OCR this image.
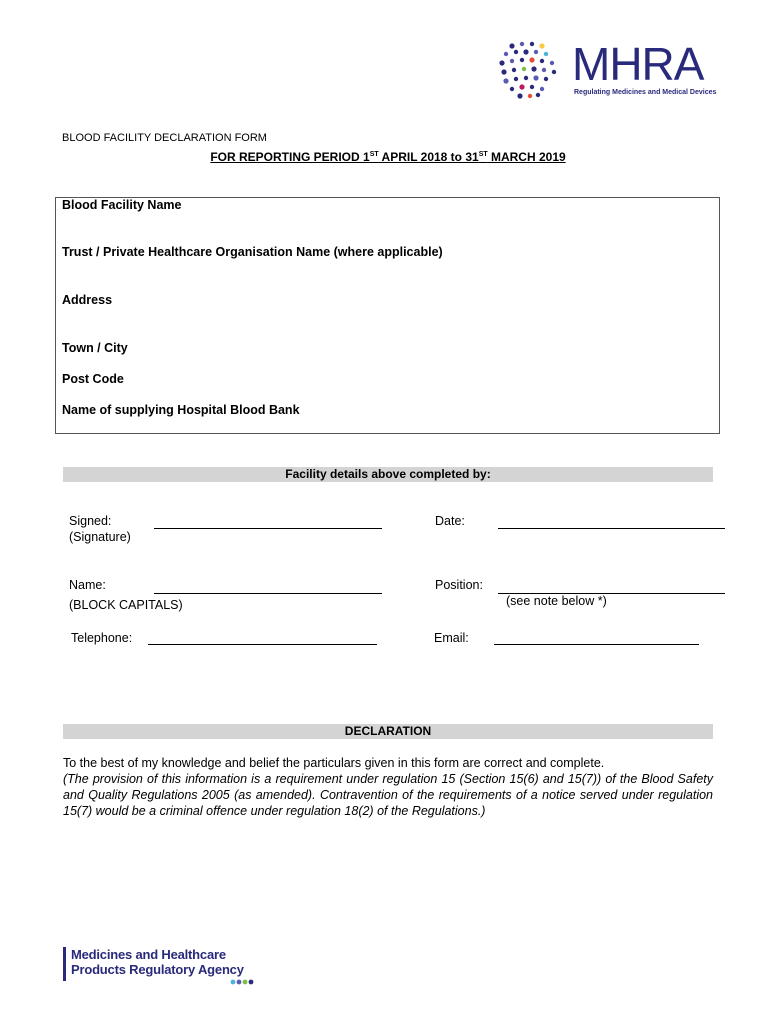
MHRA
Regulating Medicines and Medical Devices
BLOOD FACILITY DECLARATION FORM
FOR REPORTING PERIOD 1ST APRIL 2018 to 31ST MARCH 2019
Blood Facility Name
Trust / Private Healthcare Organisation Name (where applicable)
Address
Town / City
Post Code
Name of supplying Hospital Blood Bank
Facility details above completed by:
Signed:
(Signature)
Date:
Name:
(BLOCK CAPITALS)
Position:
(see note below *)
Telephone:	Email:
DECLARATION
To the best of my knowledge and belief the particulars given in this form are correct and complete.
(The provision of this information is a requirement under regulation 15 (Section 15(6) and 15(7)) of the Blood Safety and Quality Regulations 2005 (as amended). Contravention of the requirements of a notice served under regulation 15(7) would be a criminal offence under regulation 18(2) of the Regulations.)
Medicines and Healthcare
Products Regulatory Agency
